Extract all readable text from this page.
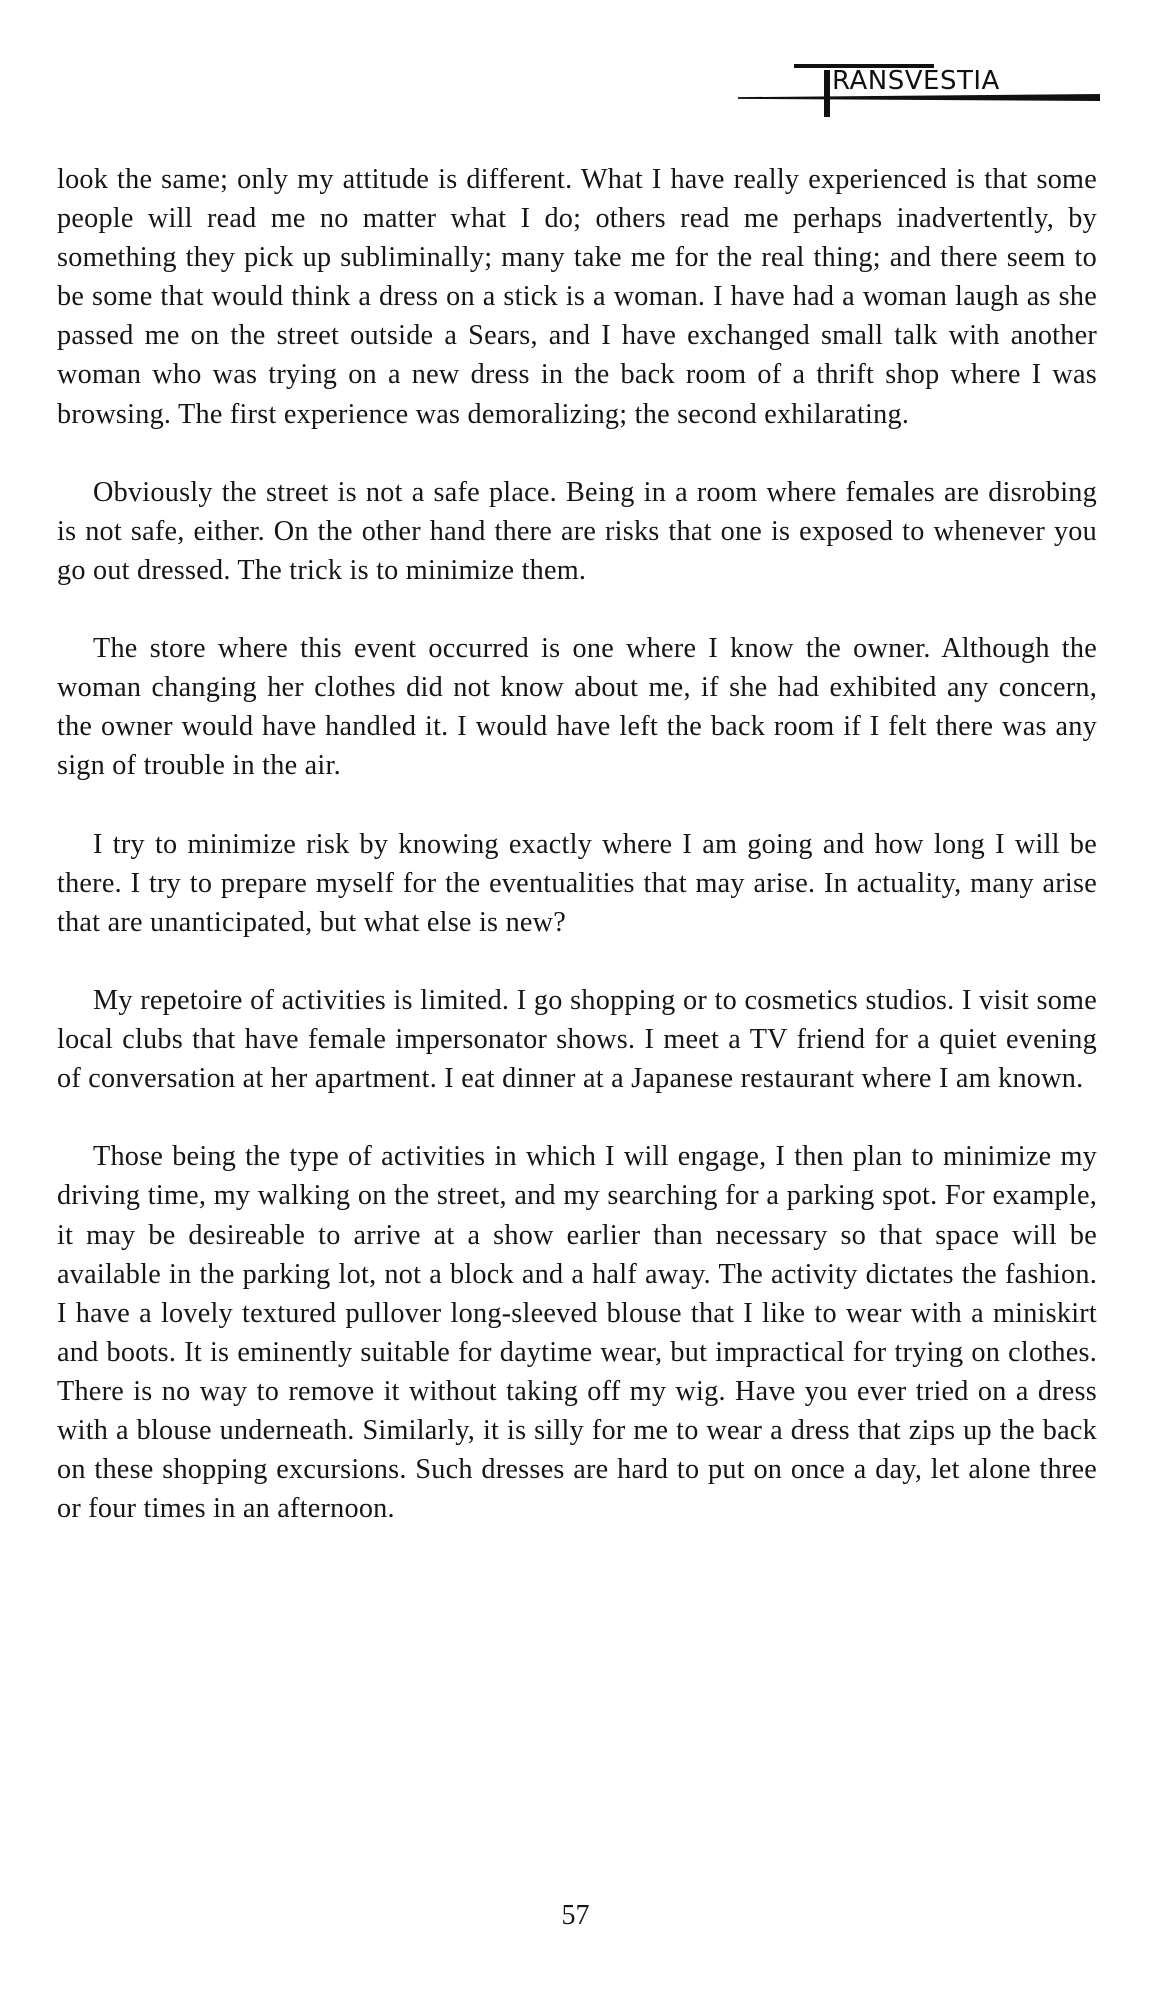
RANSVESTIA

look the same; only my attitude is different. What I have really experienced is that some people will read me no matter what I do; others read me perhaps inadvertently, by something they pick up subliminally; many take me for the real thing; and there seem to be some that would think a dress on a stick is a woman. I have had a woman laugh as she passed me on the street outside a Sears, and I have exchanged small talk with another woman who was trying on a new dress in the back room of a thrift shop where I was browsing. The first experience was demoralizing; the second exhilarating.

Obviously the street is not a safe place. Being in a room where females are disrobing is not safe, either. On the other hand there are risks that one is exposed to whenever you go out dressed. The trick is to minimize them.

The store where this event occurred is one where I know the owner. Although the woman changing her clothes did not know about me, if she had exhibited any concern, the owner would have handled it. I would have left the back room if I felt there was any sign of trouble in the air.

I try to minimize risk by knowing exactly where I am going and how long I will be there. I try to prepare myself for the eventualities that may arise. In actuality, many arise that are unanticipated, but what else is new?

My repetoire of activities is limited. I go shopping or to cosmetics studios. I visit some local clubs that have female impersonator shows. I meet a TV friend for a quiet evening of conversation at her apartment. I eat dinner at a Japanese restaurant where I am known.

Those being the type of activities in which I will engage, I then plan to minimize my driving time, my walking on the street, and my searching for a parking spot. For example, it may be desireable to arrive at a show earlier than necessary so that space will be available in the parking lot, not a block and a half away. The activity dictates the fashion. I have a lovely textured pullover long-sleeved blouse that I like to wear with a miniskirt and boots. It is eminently suitable for daytime wear, but impractical for trying on clothes. There is no way to remove it without taking off my wig. Have you ever tried on a dress with a blouse underneath. Similarly, it is silly for me to wear a dress that zips up the back on these shopping excursions. Such dresses are hard to put on once a day, let alone three or four times in an afternoon.

57
